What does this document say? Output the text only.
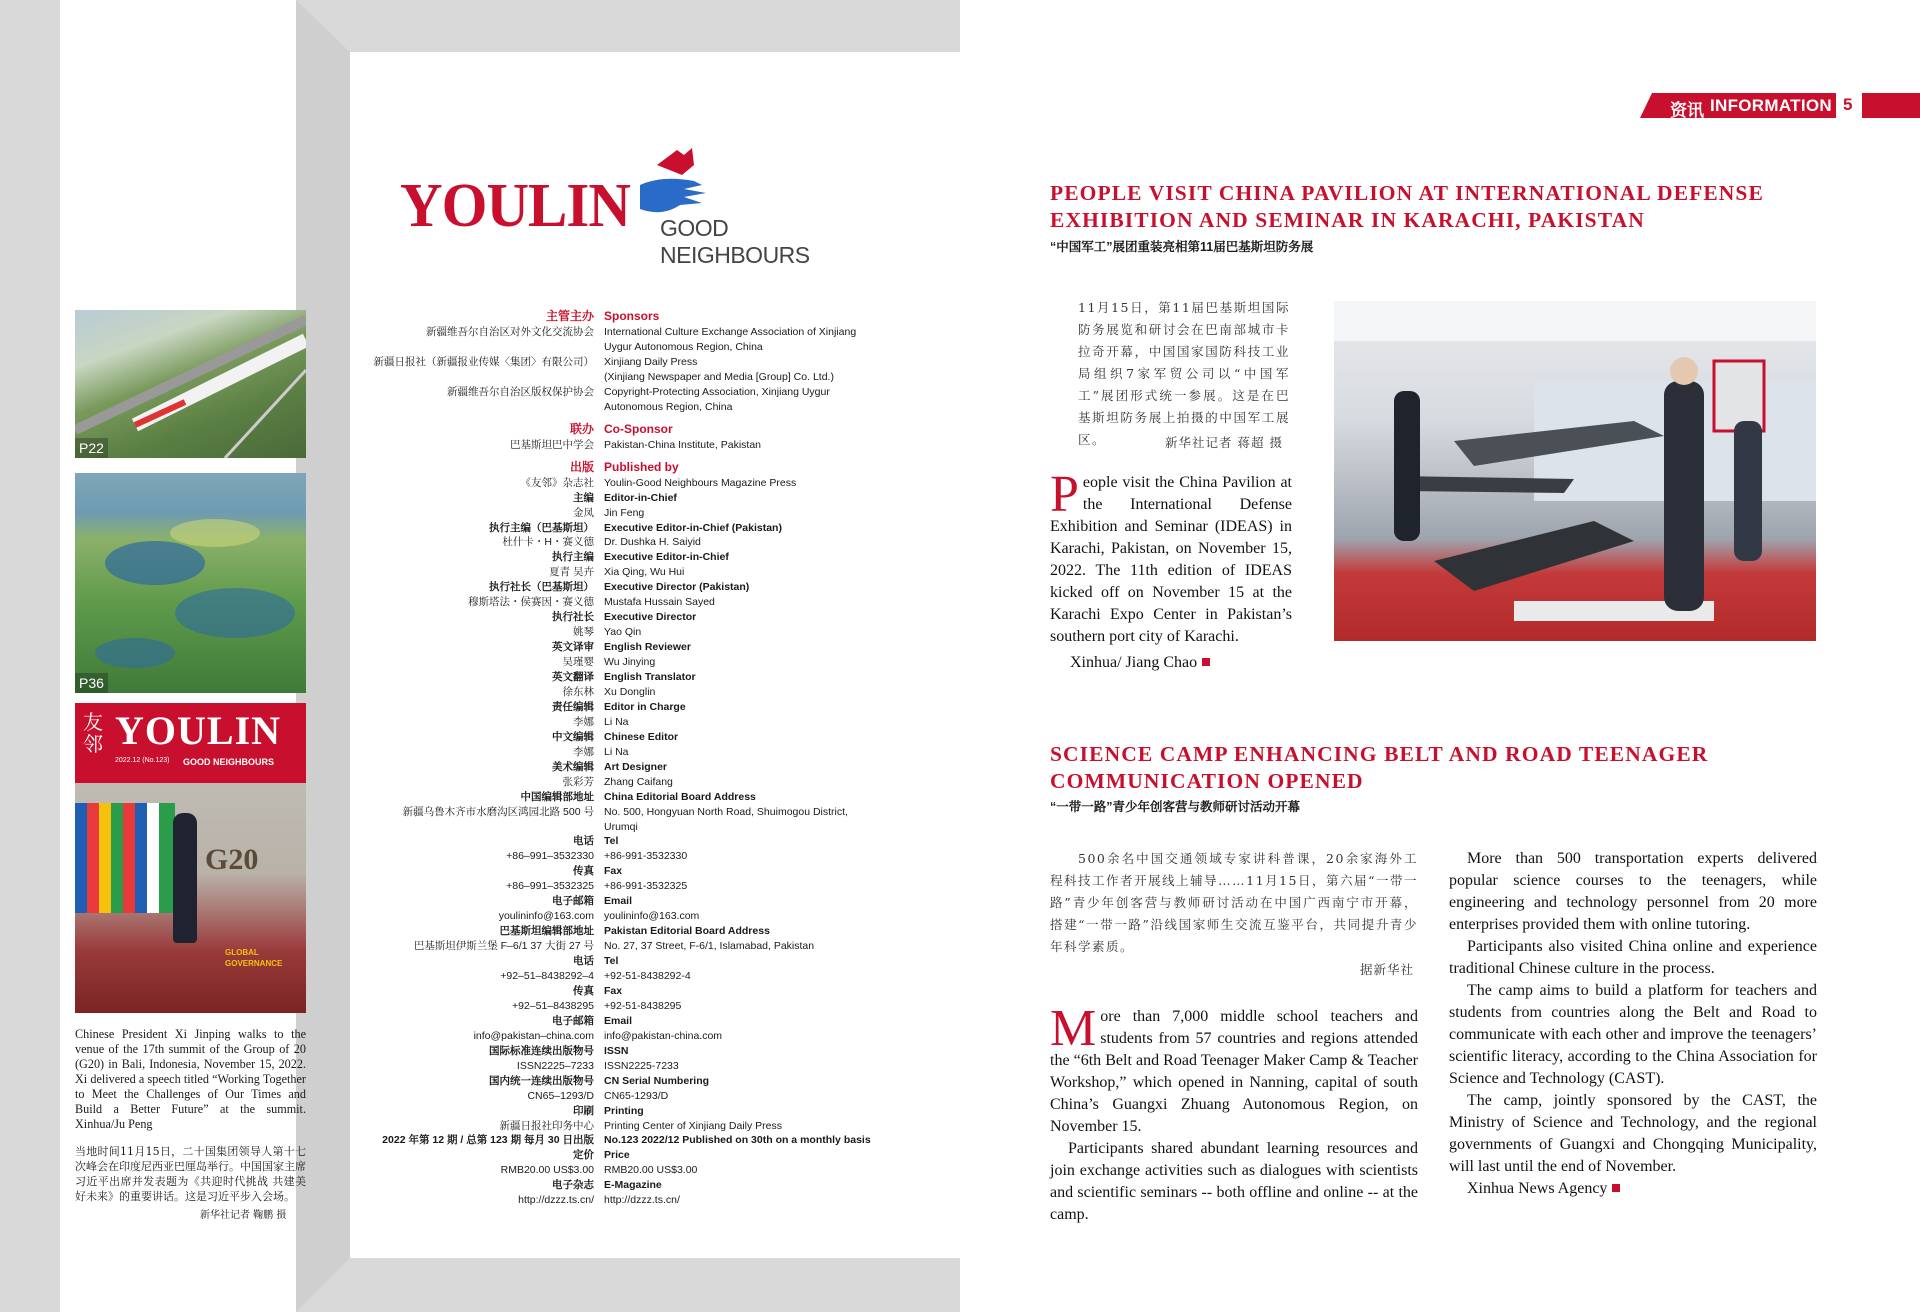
P22
P36
友
邻 YOULIN
2022.12 (No.123) GOOD NEIGHBOURS
G20
GLOBAL
GOVERNANCE
Chinese President Xi Jinping walks to the venue of the 17th summit of the Group of 20 (G20) in Bali, Indonesia, November 15, 2022. Xi delivered a speech titled “Working Together to Meet the Challenges of Our Times and Build a Better Future” at the summit. Xinhua/Ju Peng
当地时间11月15日，二十国集团领导人第十七次峰会在印度尼西亚巴厘岛举行。中国国家主席习近平出席并发表题为《共迎时代挑战 共建美好未来》的重要讲话。这是习近平步入会场。
新华社记者 鞠鹏 摄
YOULIN GOOD NEIGHBOURS
主管主办 Sponsors
新疆维吾尔自治区对外文化交流协会 International Culture Exchange Association of Xinjiang
Uygur Autonomous Region, China
新疆日报社（新疆报业传媒〈集团〉有限公司） Xinjiang Daily Press
(Xinjiang Newspaper and Media [Group] Co. Ltd.)
新疆维吾尔自治区版权保护协会 Copyright-Protecting Association, Xinjiang Uygur
Autonomous Region, China
联办 Co-Sponsor
巴基斯坦巴中学会 Pakistan-China Institute, Pakistan
出版 Published by
《友邻》杂志社 Youlin-Good Neighbours Magazine Press
主编 Editor-in-Chief
金凤 Jin Feng
执行主编（巴基斯坦） Executive Editor-in-Chief (Pakistan)
杜什卡・H・赛义德 Dr. Dushka H. Saiyid
执行主编 Executive Editor-in-Chief
夏青 吴卉 Xia Qing, Wu Hui
执行社长（巴基斯坦） Executive Director (Pakistan)
穆斯塔法・侯赛因・赛义德 Mustafa Hussain Sayed
执行社长 Executive Director
姚琴 Yao Qin
英文译审 English Reviewer
吴瑾婴 Wu Jinying
英文翻译 English Translator
徐东林 Xu Donglin
责任编辑 Editor in Charge
李娜 Li Na
中文编辑 Chinese Editor
李娜 Li Na
美术编辑 Art Designer
张彩芳 Zhang Caifang
中国编辑部地址 China Editorial Board Address
新疆乌鲁木齐市水磨沟区鸿园北路 500 号 No. 500, Hongyuan North Road, Shuimogou District,
Urumqi
电话 Tel
+86–991–3532330 +86-991-3532330
传真 Fax
+86–991–3532325 +86-991-3532325
电子邮箱 Email
youlininfo@163.com youlininfo@163.com
巴基斯坦编辑部地址 Pakistan Editorial Board Address
巴基斯坦伊斯兰堡 F–6/1 37 大街 27 号 No. 27, 37 Street, F-6/1, Islamabad, Pakistan
电话 Tel
+92–51–8438292–4 +92-51-8438292-4
传真 Fax
+92–51–8438295 +92-51-8438295
电子邮箱 Email
info@pakistan–china.com info@pakistan-china.com
国际标准连续出版物号 ISSN
ISSN2225–7233 ISSN2225-7233
国内统一连续出版物号 CN Serial Numbering
CN65–1293/D CN65-1293/D
印刷 Printing
新疆日报社印务中心 Printing Center of Xinjiang Daily Press
2022 年第 12 期 / 总第 123 期 每月 30 日出版 No.123 2022/12 Published on 30th on a monthly basis
定价 Price
RMB20.00 US$3.00 RMB20.00 US$3.00
电子杂志 E-Magazine
http://dzzz.ts.cn/ http://dzzz.ts.cn/
资讯 INFORMATION 5
PEOPLE VISIT CHINA PAVILION AT INTERNATIONAL DEFENSE EXHIBITION AND SEMINAR IN KARACHI, PAKISTAN
“中国军工”展团重装亮相第11届巴基斯坦防务展
11月15日，第11届巴基斯坦国际防务展览和研讨会在巴南部城市卡拉奇开幕，中国国家国防科技工业局组织7家军贸公司以“中国军工”展团形式统一参展。这是在巴基斯坦防务展上拍摄的中国军工展区。	新华社记者 蒋超 摄
People visit the China Pavilion at the International Defense Exhibition and Seminar (IDEAS) in Karachi, Pakistan, on November 15, 2022. The 11th edition of IDEAS kicked off on November 15 at the Karachi Expo Center in Pakistan’s southern port city of Karachi.
Xinhua/ Jiang Chao
SCIENCE CAMP ENHANCING BELT AND ROAD TEENAGER COMMUNICATION OPENED
“一带一路”青少年创客营与教师研讨活动开幕
500余名中国交通领域专家讲科普课，20余家海外工程科技工作者开展线上辅导……11月15日，第六届“一带一路”青少年创客营与教师研讨活动在中国广西南宁市开幕，搭建“一带一路”沿线国家师生交流互鉴平台，共同提升青少年科学素质。
据新华社

More than 7,000 middle school teachers and students from 57 countries and regions attended the “6th Belt and Road Teenager Maker Camp & Teacher Workshop,” which opened in Nanning, capital of south China’s Guangxi Zhuang Autonomous Region, on November 15.

Participants shared abundant learning resources and join exchange activities such as dialogues with scientists and scientific seminars -- both offline and online -- at the camp.

More than 500 transportation experts delivered popular science courses to the teenagers, while engineering and technology personnel from 20 more enterprises provided them with online tutoring.

Participants also visited China online and experience traditional Chinese culture in the process.

The camp aims to build a platform for teachers and students from countries along the Belt and Road to communicate with each other and improve the teenagers’ scientific literacy, according to the China Association for Science and Technology (CAST).

The camp, jointly sponsored by the CAST, the Ministry of Science and Technology, and the regional governments of Guangxi and Chongqing Municipality, will last until the end of November.

Xinhua News Agency
